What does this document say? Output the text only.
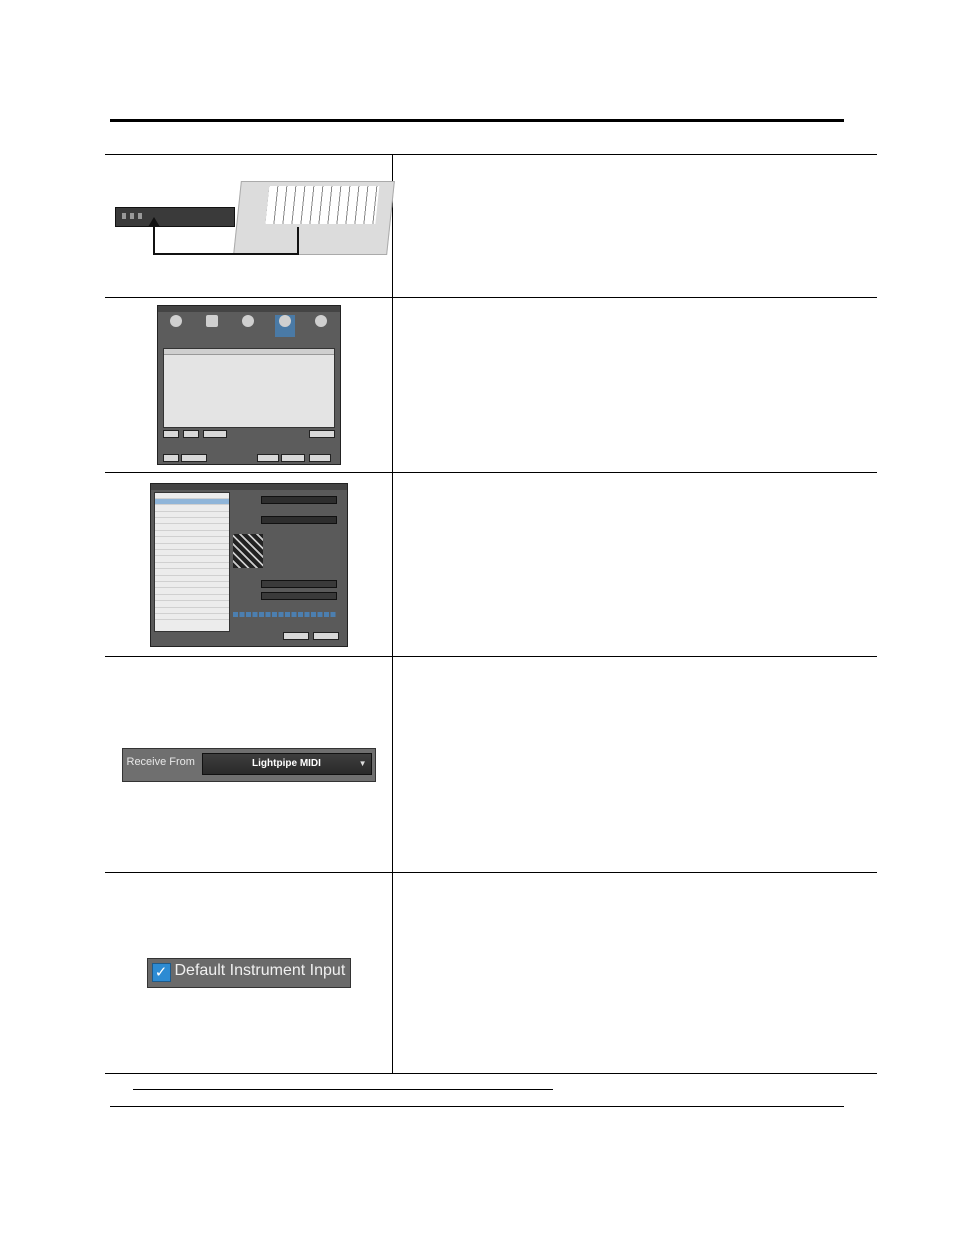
Receive From Lightpipe MIDI ▼	

✓ Default Instrument Input	
